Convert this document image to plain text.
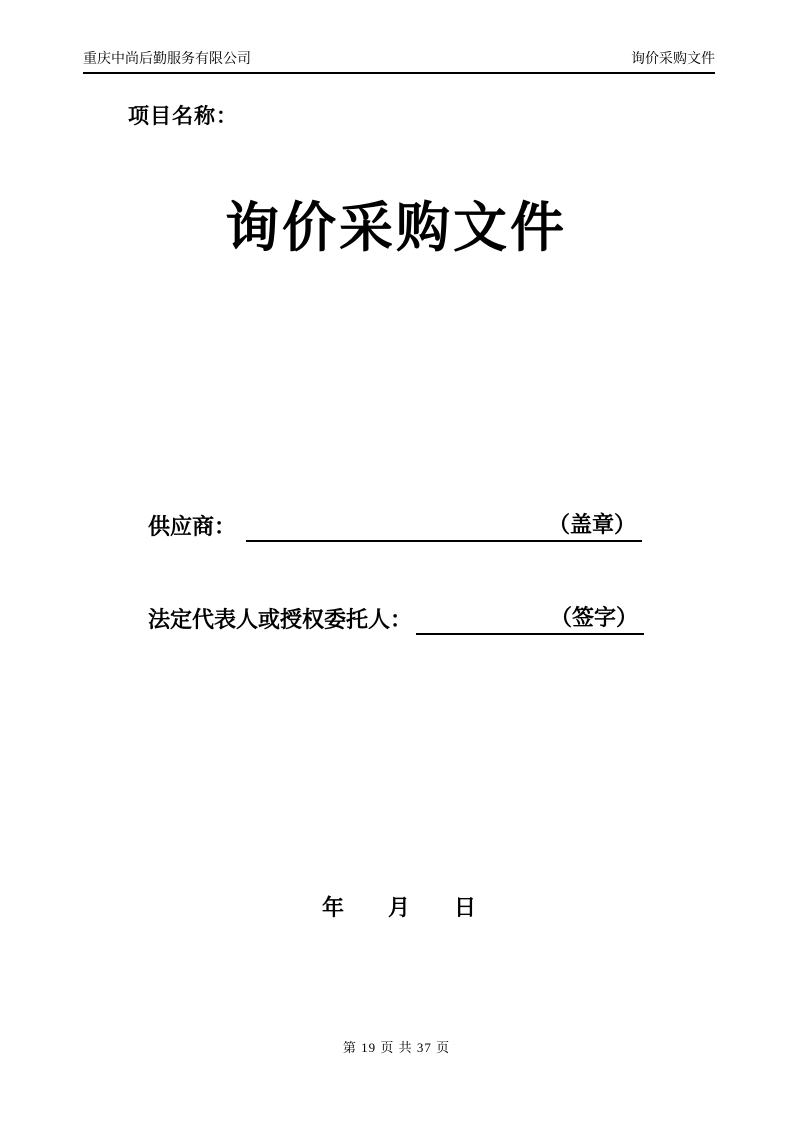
重庆中尚后勤服务有限公司	询价采购文件
项目名称：
询价采购文件
供应商：	（盖章）
法定代表人或授权委托人：	（签字）
年　　月　　日
第 19 页 共 37 页
